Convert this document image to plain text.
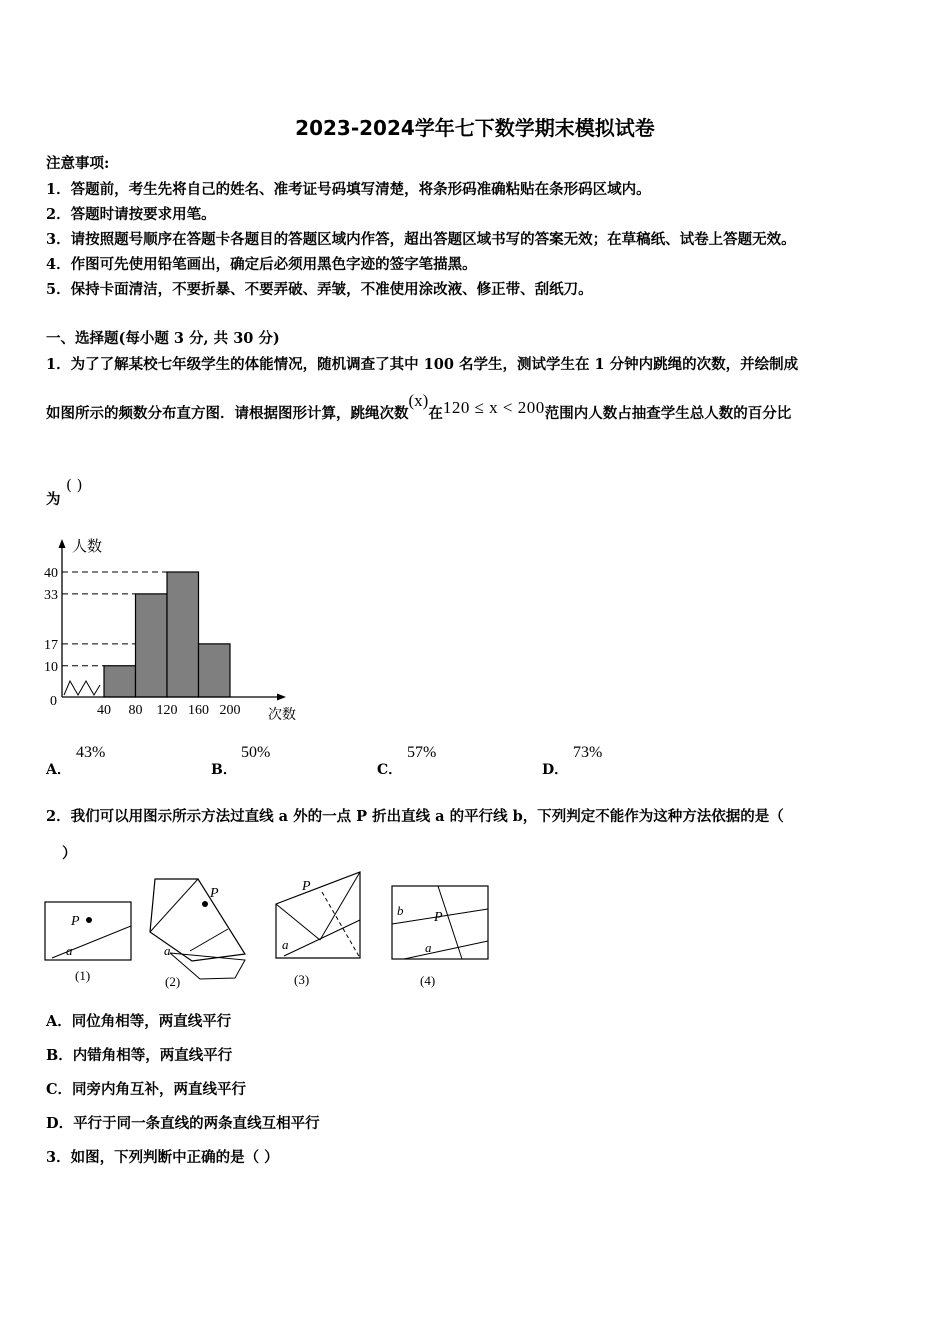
2023-2024学年七下数学期末模拟试卷
注意事项:
1．答题前，考生先将自己的姓名、准考证号码填写清楚，将条形码准确粘贴在条形码区域内。
2．答题时请按要求用笔。
3．请按照题号顺序在答题卡各题目的答题区域内作答，超出答题区域书写的答案无效；在草稿纸、试卷上答题无效。
4．作图可先使用铅笔画出，确定后必须用黑色字迹的签字笔描黑。
5．保持卡面清洁，不要折暴、不要弄破、弄皱，不准使用涂改液、修正带、刮纸刀。
一、选择题(每小题 3 分, 共 30 分)
1．为了了解某校七年级学生的体能情况，随机调查了其中 100 名学生，测试学生在 1 分钟内跳绳的次数，并绘制成
如图所示的频数分布直方图．请根据图形计算，跳绳次数(x)在120 ≤ x < 200范围内人数占抽查学生总人数的百分比
为
( )
人数
次数
0
10
17
33
40
40 80 120 160 200
A．
43%
B．
50%
C．
57%
D．
73%
2．我们可以用图示所示方法过直线 a 外的一点 P 折出直线 a 的平行线 b，下列判定不能作为这种方法依据的是（
）
P
a
(1)
P
a
(2)
P
a
(3)
b P
a
(4)
A．同位角相等，两直线平行
B．内错角相等，两直线平行
C．同旁内角互补，两直线平行
D．平行于同一条直线的两条直线互相平行
3．如图，下列判断中正确的是（ ）
